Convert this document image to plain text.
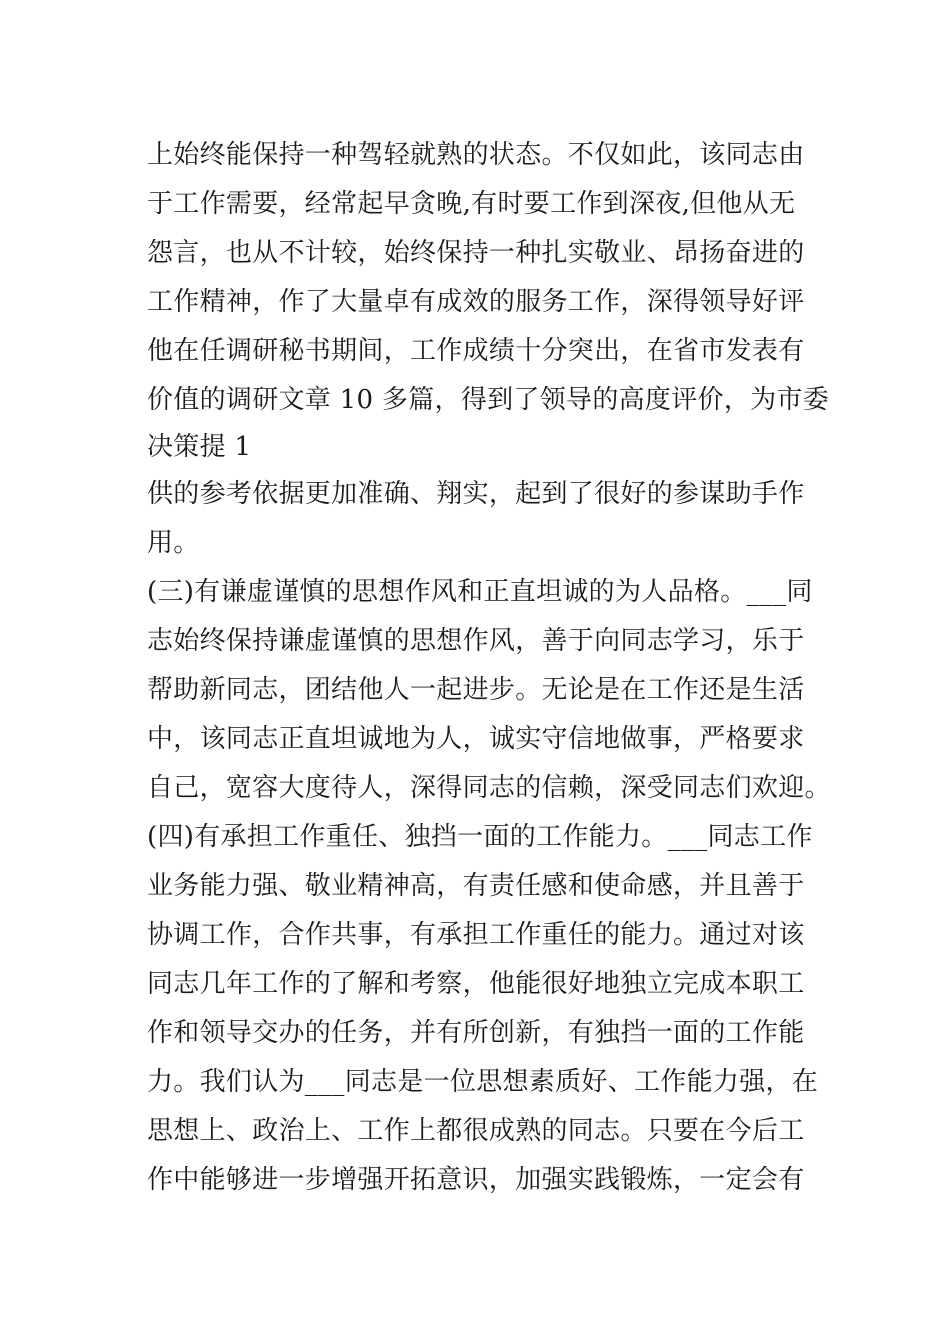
上始终能保持一种驾轻就熟的状态。不仅如此，该同志由
于工作需要，经常起早贪晚,有时要工作到深夜,但他从无
怨言，也从不计较，始终保持一种扎实敬业、昂扬奋进的
工作精神，作了大量卓有成效的服务工作，深得领导好评
他在任调研秘书期间，工作成绩十分突出，在省市发表有
价值的调研文章 10 多篇，得到了领导的高度评价，为市委
决策提 1
供的参考依据更加准确、翔实，起到了很好的参谋助手作
用。
(三)有谦虚谨慎的思想作风和正直坦诚的为人品格。___同
志始终保持谦虚谨慎的思想作风，善于向同志学习，乐于
帮助新同志，团结他人一起进步。无论是在工作还是生活
中，该同志正直坦诚地为人，诚实守信地做事，严格要求
自己，宽容大度待人，深得同志的信赖，深受同志们欢迎。
(四)有承担工作重任、独挡一面的工作能力。___同志工作
业务能力强、敬业精神高，有责任感和使命感，并且善于
协调工作，合作共事，有承担工作重任的能力。通过对该
同志几年工作的了解和考察，他能很好地独立完成本职工
作和领导交办的任务，并有所创新，有独挡一面的工作能
力。我们认为___同志是一位思想素质好、工作能力强，在
思想上、政治上、工作上都很成熟的同志。只要在今后工
作中能够进一步增强开拓意识，加强实践锻炼，一定会有
